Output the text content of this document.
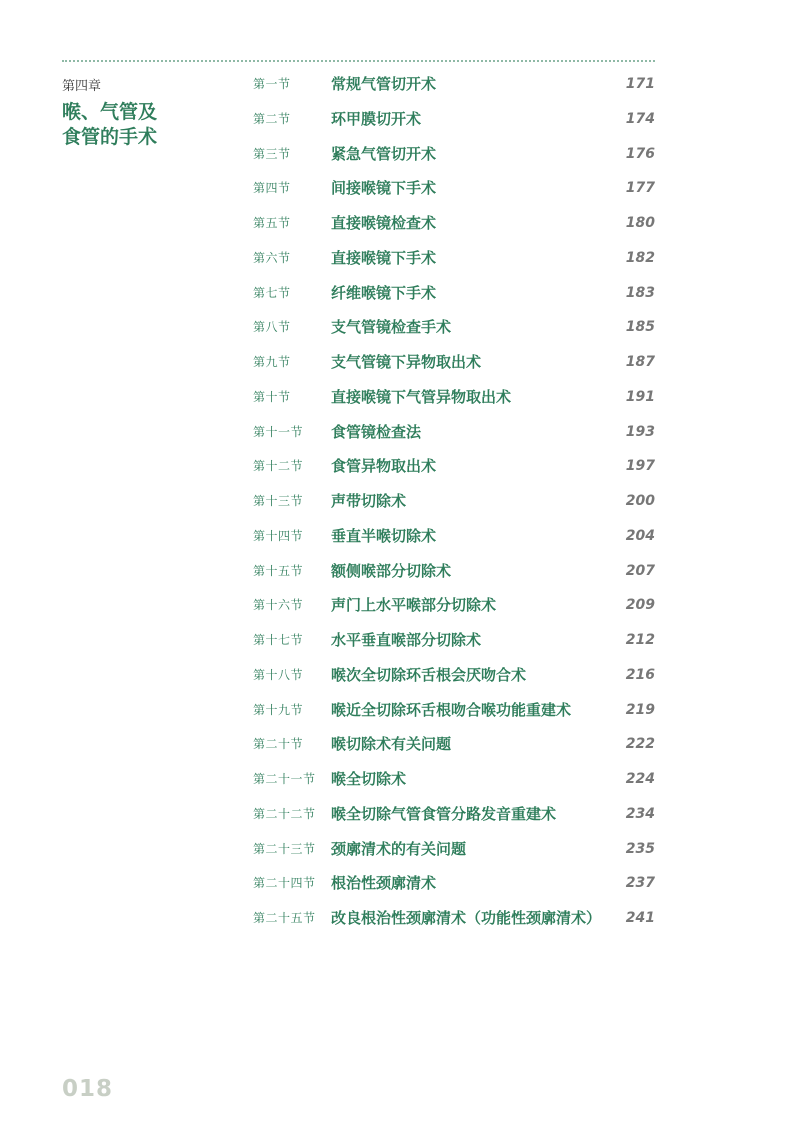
第四章
喉、气管及
食管的手术
第一节	常规气管切开术	171
第二节	环甲膜切开术	174
第三节	紧急气管切开术	176
第四节	间接喉镜下手术	177
第五节	直接喉镜检查术	180
第六节	直接喉镜下手术	182
第七节	纤维喉镜下手术	183
第八节	支气管镜检查手术	185
第九节	支气管镜下异物取出术	187
第十节	直接喉镜下气管异物取出术	191
第十一节 食管镜检查法	193
第十二节 食管异物取出术	197
第十三节 声带切除术	200
第十四节 垂直半喉切除术	204
第十五节 额侧喉部分切除术	207
第十六节 声门上水平喉部分切除术	209
第十七节 水平垂直喉部分切除术	212
第十八节 喉次全切除环舌根会厌吻合术	216
第十九节 喉近全切除环舌根吻合喉功能重建术	219
第二十节 喉切除术有关问题	222
第二十一节 喉全切除术	224
第二十二节 喉全切除气管食管分路发音重建术	234
第二十三节 颈廓清术的有关问题	235
第二十四节 根治性颈廓清术	237
第二十五节 改良根治性颈廓清术（功能性颈廓清术） 241
018
